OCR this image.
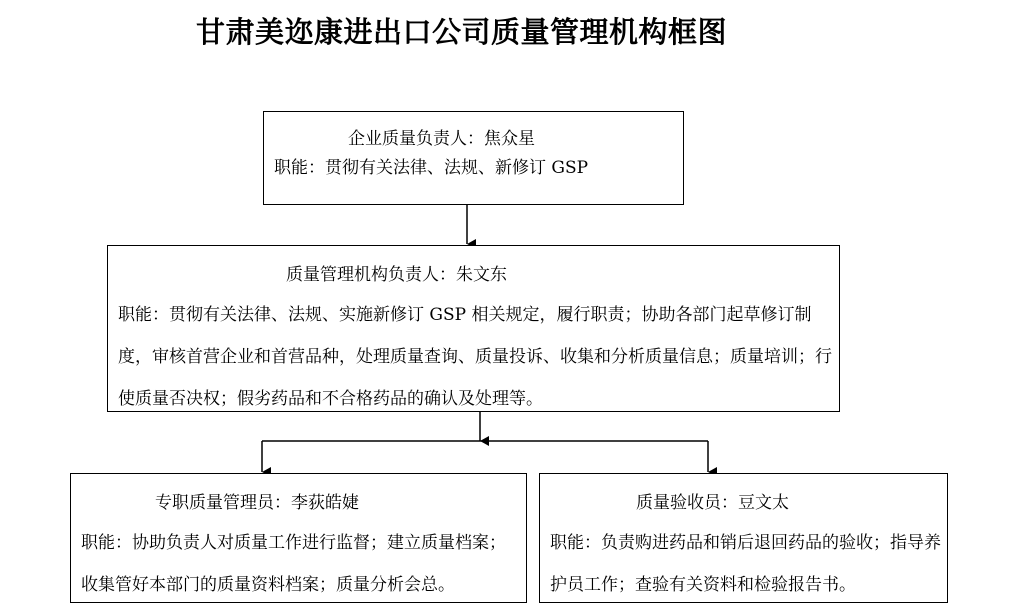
甘肃美迩康进出口公司质量管理机构框图
企业质量负责人：焦众星
职能：贯彻有关法律、法规、新修订 GSP
质量管理机构负责人：朱文东
职能：贯彻有关法律、法规、实施新修订 GSP 相关规定，履行职责；协助各部门起草修订制度，审核首营企业和首营品种，处理质量查询、质量投诉、收集和分析质量信息；质量培训；行使质量否决权；假劣药品和不合格药品的确认及处理等。
专职质量管理员：李荻皓婕
职能：协助负责人对质量工作进行监督；建立质量档案；收集管好本部门的质量资料档案；质量分析会总。
质量验收员：豆文太
职能：负责购进药品和销后退回药品的验收；指导养护员工作；查验有关资料和检验报告书。
